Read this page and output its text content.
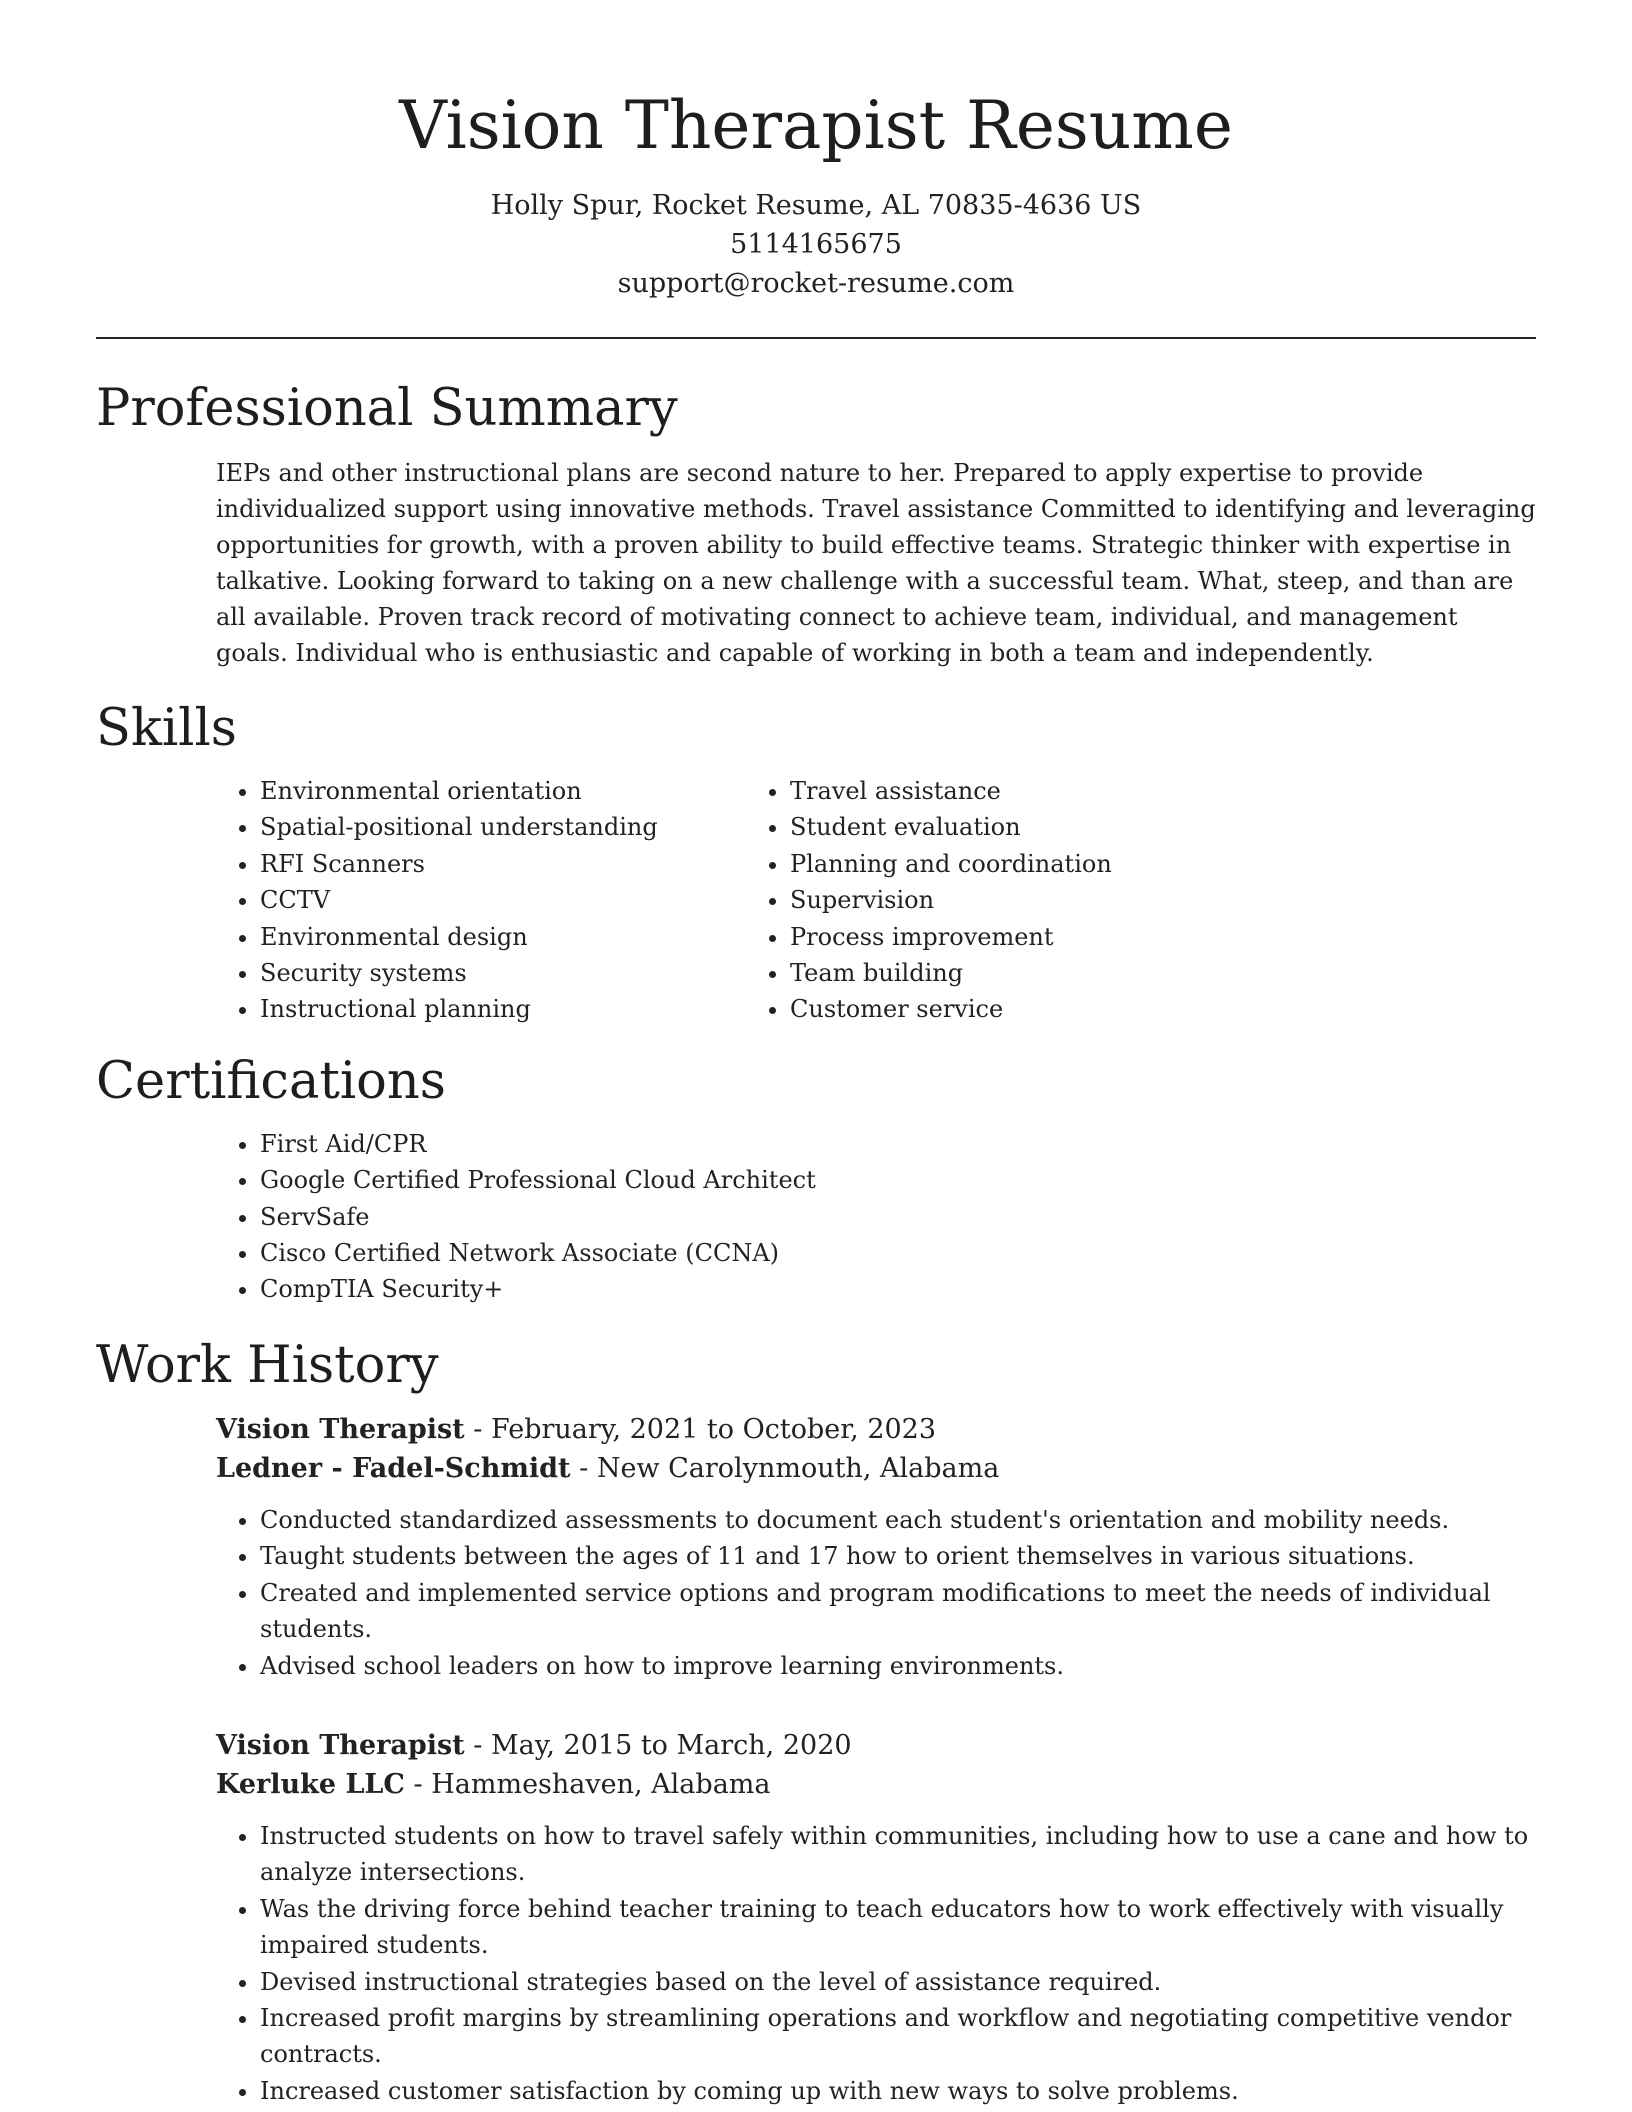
Vision Therapist Resume
Holly Spur, Rocket Resume, AL 70835-4636 US
5114165675
support@rocket-resume.com
Professional Summary

IEPs and other instructional plans are second nature to her. Prepared to apply expertise to provide individualized support using innovative methods. Travel assistance Committed to identifying and leveraging opportunities for growth, with a proven ability to build effective teams. Strategic thinker with expertise in talkative. Looking forward to taking on a new challenge with a successful team. What, steep, and than are all available. Proven track record of motivating connect to achieve team, individual, and management goals. Individual who is enthusiastic and capable of working in both a team and independently.

Skills
• Environmental orientation
• Spatial-positional understanding
• RFI Scanners
• CCTV
• Environmental design
• Security systems
• Instructional planning
• Travel assistance
• Student evaluation
• Planning and coordination
• Supervision
• Process improvement
• Team building
• Customer service
Certifications
• First Aid/CPR
• Google Certified Professional Cloud Architect
• ServSafe
• Cisco Certified Network Associate (CCNA)
• CompTIA Security+
Work History
Vision Therapist - February, 2021 to October, 2023
Ledner - Fadel-Schmidt - New Carolynmouth, Alabama
• Conducted standardized assessments to document each student's orientation and mobility needs.
• Taught students between the ages of 11 and 17 how to orient themselves in various situations.
• Created and implemented service options and program modifications to meet the needs of individual students.
• Advised school leaders on how to improve learning environments.
Vision Therapist - May, 2015 to March, 2020
Kerluke LLC - Hammeshaven, Alabama
• Instructed students on how to travel safely within communities, including how to use a cane and how to analyze intersections.
• Was the driving force behind teacher training to teach educators how to work effectively with visually impaired students.
• Devised instructional strategies based on the level of assistance required.
• Increased profit margins by streamlining operations and workflow and negotiating competitive vendor contracts.
• Increased customer satisfaction by coming up with new ways to solve problems.
